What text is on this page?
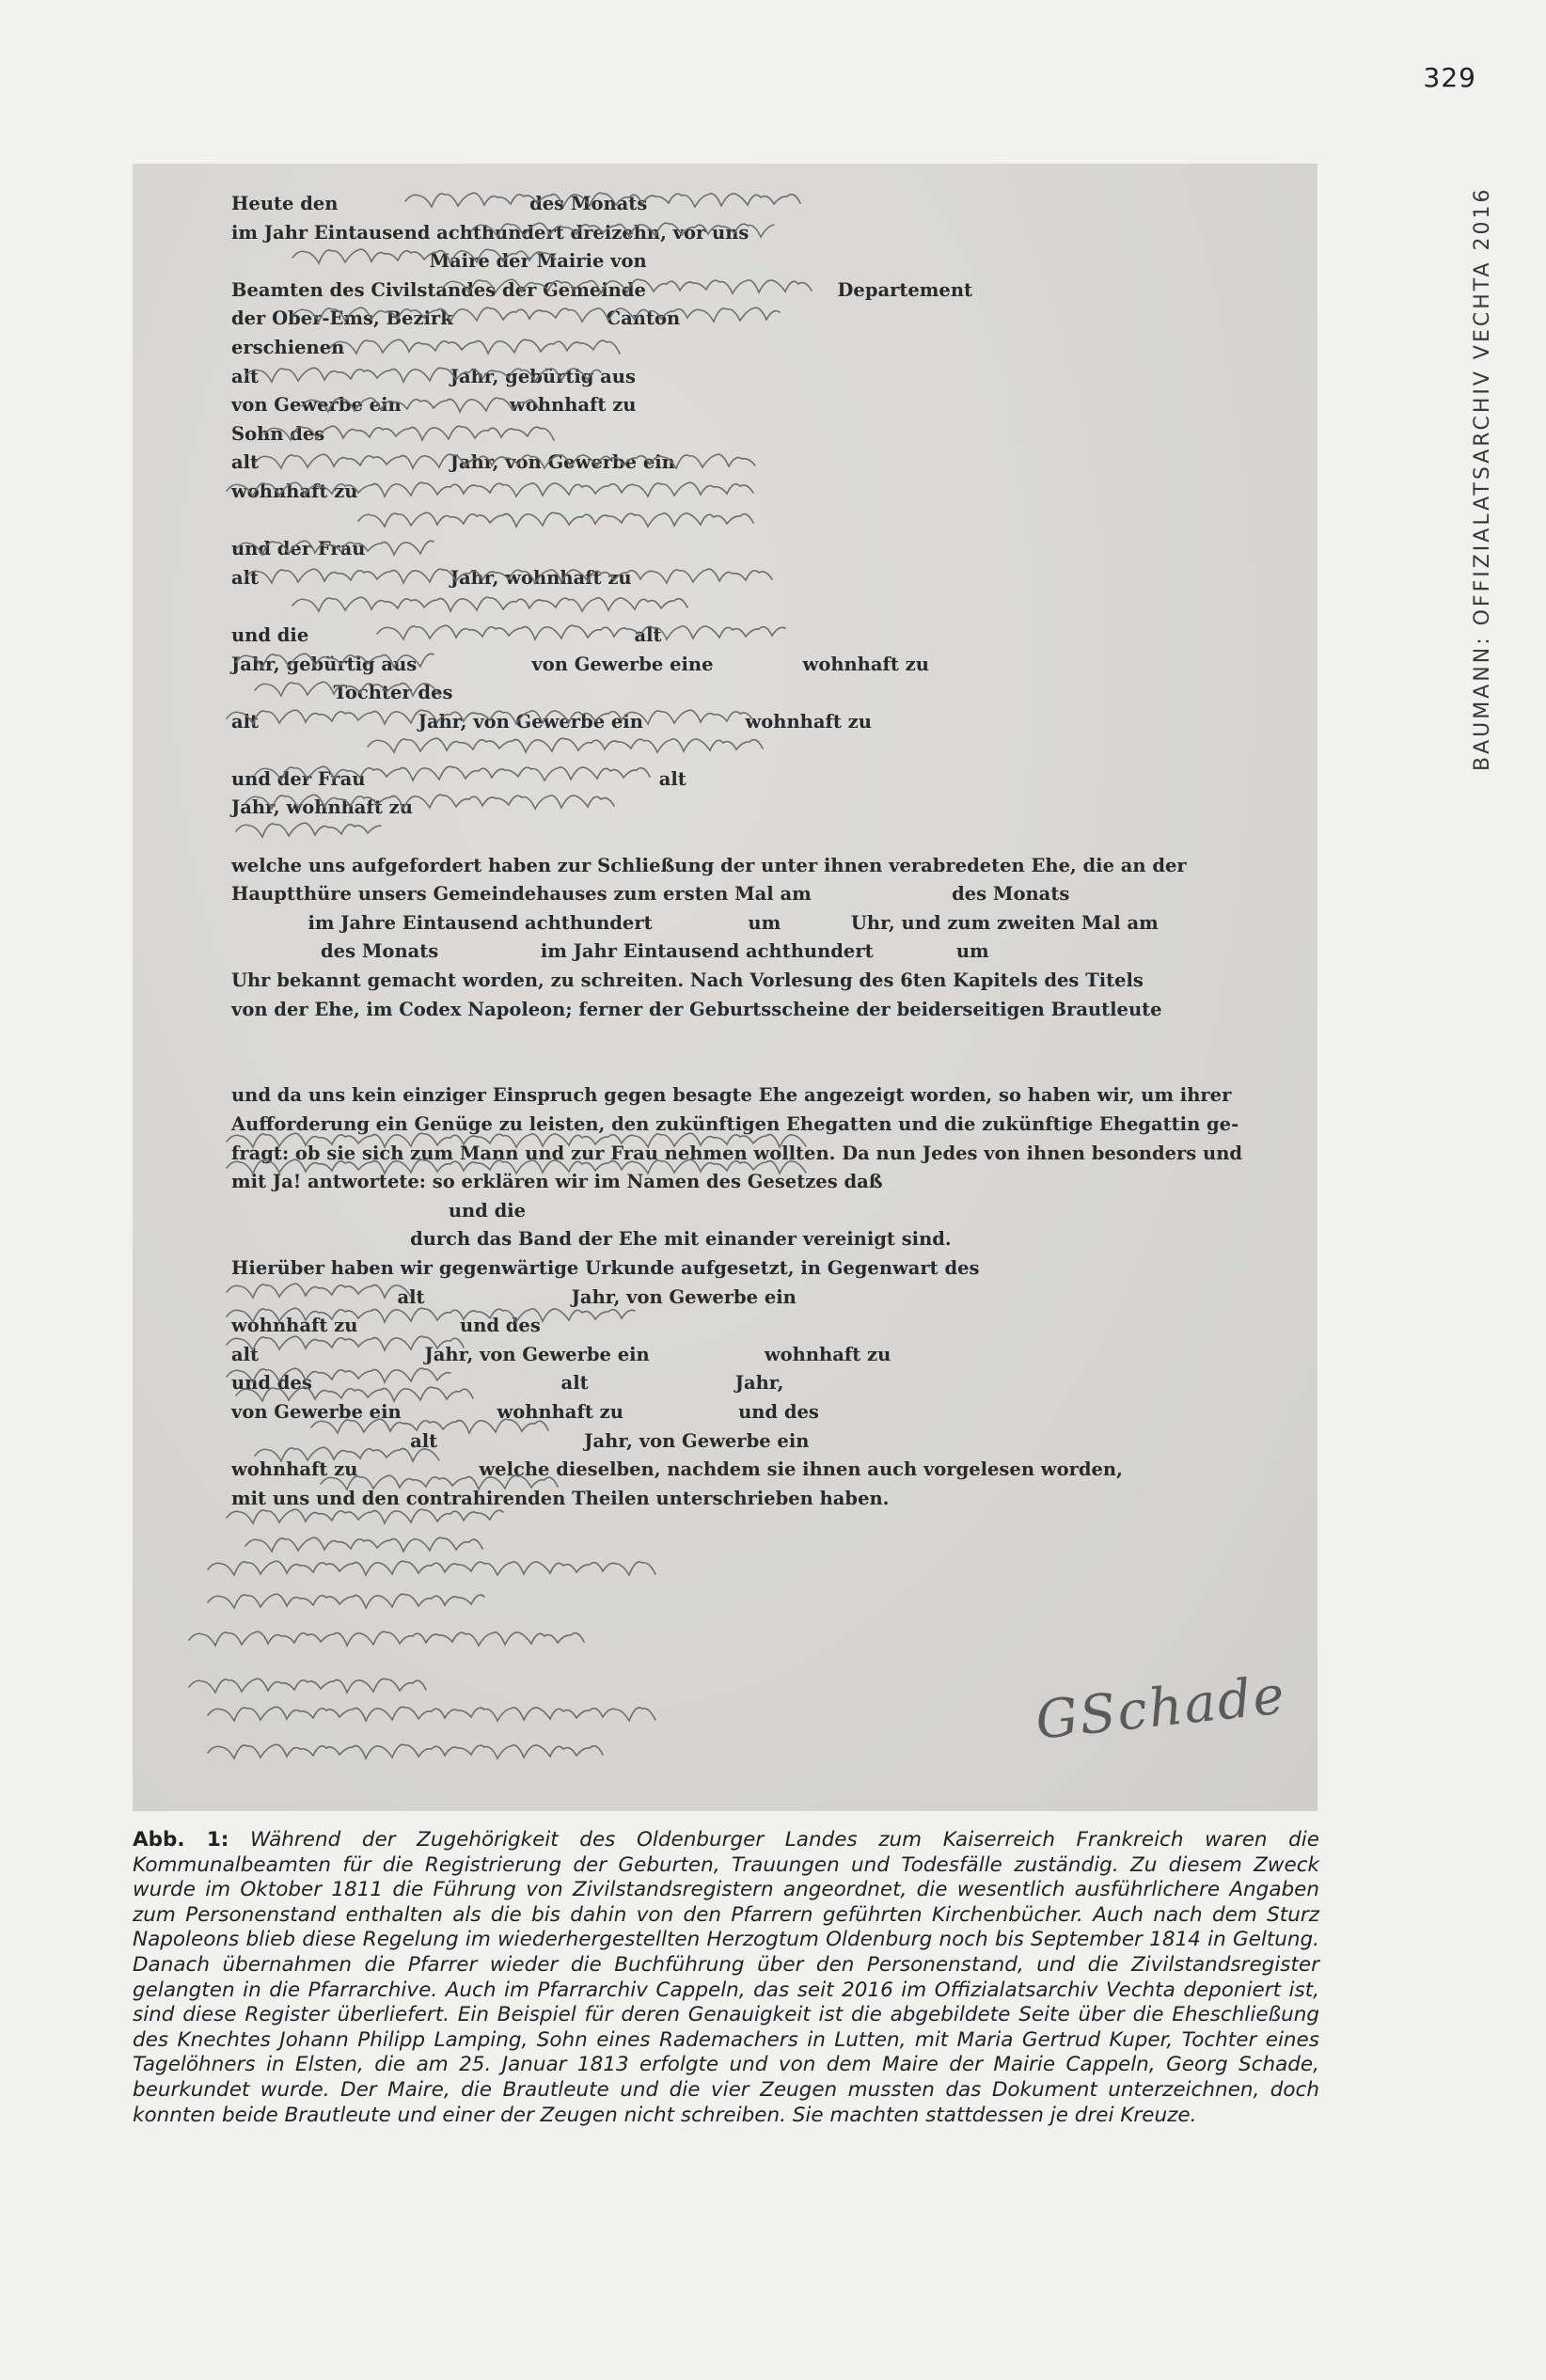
329
BAUMANN: OFFIZIALATSARCHIV VECHTA 2016
Heute den                              des Monats
im Jahr Eintausend achthundert dreizehn, vor uns
Maire der Mairie von
Beamten des Civilstandes der Gemeinde                              Departement
der Ober-Ems, Bezirk                        Canton
erschienen
alt                              Jahr, gebürtig aus
von Gewerbe ein                 wohnhaft zu
Sohn des
alt                              Jahr, von Gewerbe ein
wohnhaft zu

und der Frau
alt                              Jahr, wohnhaft zu

und die                                                   alt
Jahr, gebürtig aus                  von Gewerbe eine              wohnhaft zu
Tochter des
alt                         Jahr, von Gewerbe ein                wohnhaft zu

und der Frau                                              alt
Jahr, wohnhaft zu

welche uns aufgefordert haben zur Schließung der unter ihnen verabredeten Ehe, die an der
Hauptthüre unsers Gemeindehauses zum ersten Mal am                      des Monats
im Jahre Eintausend achthundert               um           Uhr, und zum zweiten Mal am
des Monats                im Jahr Eintausend achthundert             um
Uhr bekannt gemacht worden, zu schreiten. Nach Vorlesung des 6ten Kapitels des Titels
von der Ehe, im Codex Napoleon; ferner der Geburtsscheine der beiderseitigen Brautleute

und da uns kein einziger Einspruch gegen besagte Ehe angezeigt worden, so haben wir, um ihrer
Aufforderung ein Genüge zu leisten, den zukünftigen Ehegatten und die zukünftige Ehegattin ge-
fragt: ob sie sich zum Mann und zur Frau nehmen wollten. Da nun Jedes von ihnen besonders und
mit Ja! antwortete: so erklären wir im Namen des Gesetzes daß
und die
durch das Band der Ehe mit einander vereinigt sind.
Hierüber haben wir gegenwärtige Urkunde aufgesetzt, in Gegenwart des
alt                       Jahr, von Gewerbe ein
wohnhaft zu                und des
alt                          Jahr, von Gewerbe ein                  wohnhaft zu
und des                                       alt                       Jahr,
von Gewerbe ein               wohnhaft zu                  und des
alt                       Jahr, von Gewerbe ein
wohnhaft zu                   welche dieselben, nachdem sie ihnen auch vorgelesen worden,
mit uns und den contrahirenden Theilen unterschrieben haben.
GSchade
Abb. 1: Während der Zugehörigkeit des Oldenburger Landes zum Kaiserreich Frankreich waren die Kommunalbeamten für die Registrierung der Geburten, Trauungen und Todesfälle zuständig. Zu diesem Zweck wurde im Oktober 1811 die Führung von Zivilstandsregistern angeordnet, die wesentlich ausführlichere Angaben zum Personenstand enthalten als die bis dahin von den Pfarrern geführten Kirchenbücher. Auch nach dem Sturz Napoleons blieb diese Regelung im wiederhergestellten Herzogtum Oldenburg noch bis September 1814 in Geltung. Danach übernahmen die Pfarrer wieder die Buchführung über den Personenstand, und die Zivilstandsregister gelangten in die Pfarrarchive. Auch im Pfarrarchiv Cappeln, das seit 2016 im Offizialatsarchiv Vechta deponiert ist, sind diese Register überliefert. Ein Beispiel für deren Genauigkeit ist die abgebildete Seite über die Eheschließung des Knechtes Johann Philipp Lamping, Sohn eines Rademachers in Lutten, mit Maria Gertrud Kuper, Tochter eines Tagelöhners in Elsten, die am 25. Januar 1813 erfolgte und von dem Maire der Mairie Cappeln, Georg Schade, beurkundet wurde. Der Maire, die Brautleute und die vier Zeugen mussten das Dokument unterzeichnen, doch konnten beide Brautleute und einer der Zeugen nicht schreiben. Sie machten stattdessen je drei Kreuze.
